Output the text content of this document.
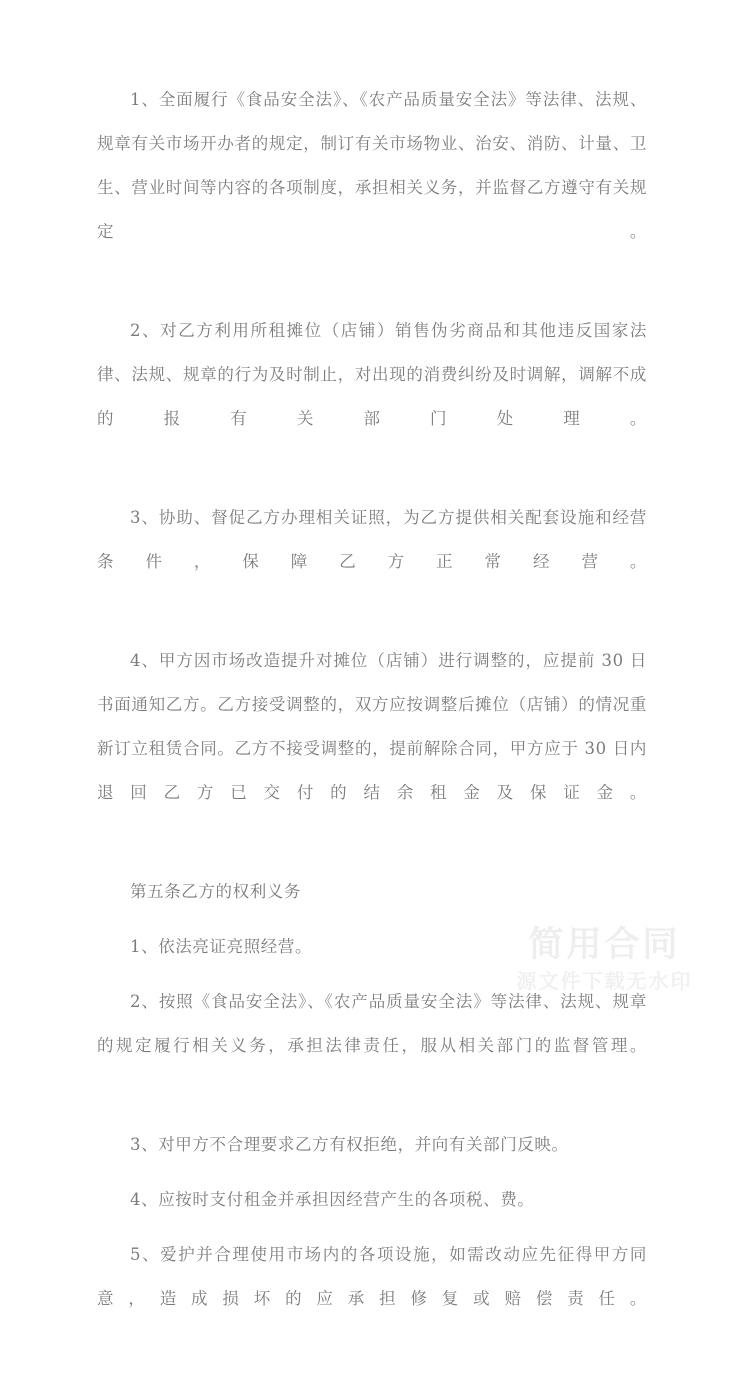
1、全面履行《食品安全法》、《农产品质量安全法》等法律、法规、规章有关市场开办者的规定，制订有关市场物业、治安、消防、计量、卫生、营业时间等内容的各项制度，承担相关义务，并监督乙方遵守有关规定。

2、对乙方利用所租摊位（店铺）销售伪劣商品和其他违反国家法律、法规、规章的行为及时制止，对出现的消费纠纷及时调解，调解不成的报有关部门处理。

3、协助、督促乙方办理相关证照，为乙方提供相关配套设施和经营条件，保障乙方正常经营。

4、甲方因市场改造提升对摊位（店铺）进行调整的，应提前 30 日书面通知乙方。乙方接受调整的，双方应按调整后摊位（店铺）的情况重新订立租赁合同。乙方不接受调整的，提前解除合同，甲方应于 30 日内退回乙方已交付的结余租金及保证金。

第五条乙方的权利义务

1、依法亮证亮照经营。

2、按照《食品安全法》、《农产品质量安全法》等法律、法规、规章的规定履行相关义务，承担法律责任，服从相关部门的监督管理。

3、对甲方不合理要求乙方有权拒绝，并向有关部门反映。

4、应按时支付租金并承担因经营产生的各项税、费。

5、爱护并合理使用市场内的各项设施，如需改动应先征得甲方同意，造成损坏的应承担修复或赔偿责任。

简用合同
源文件下载无水印
